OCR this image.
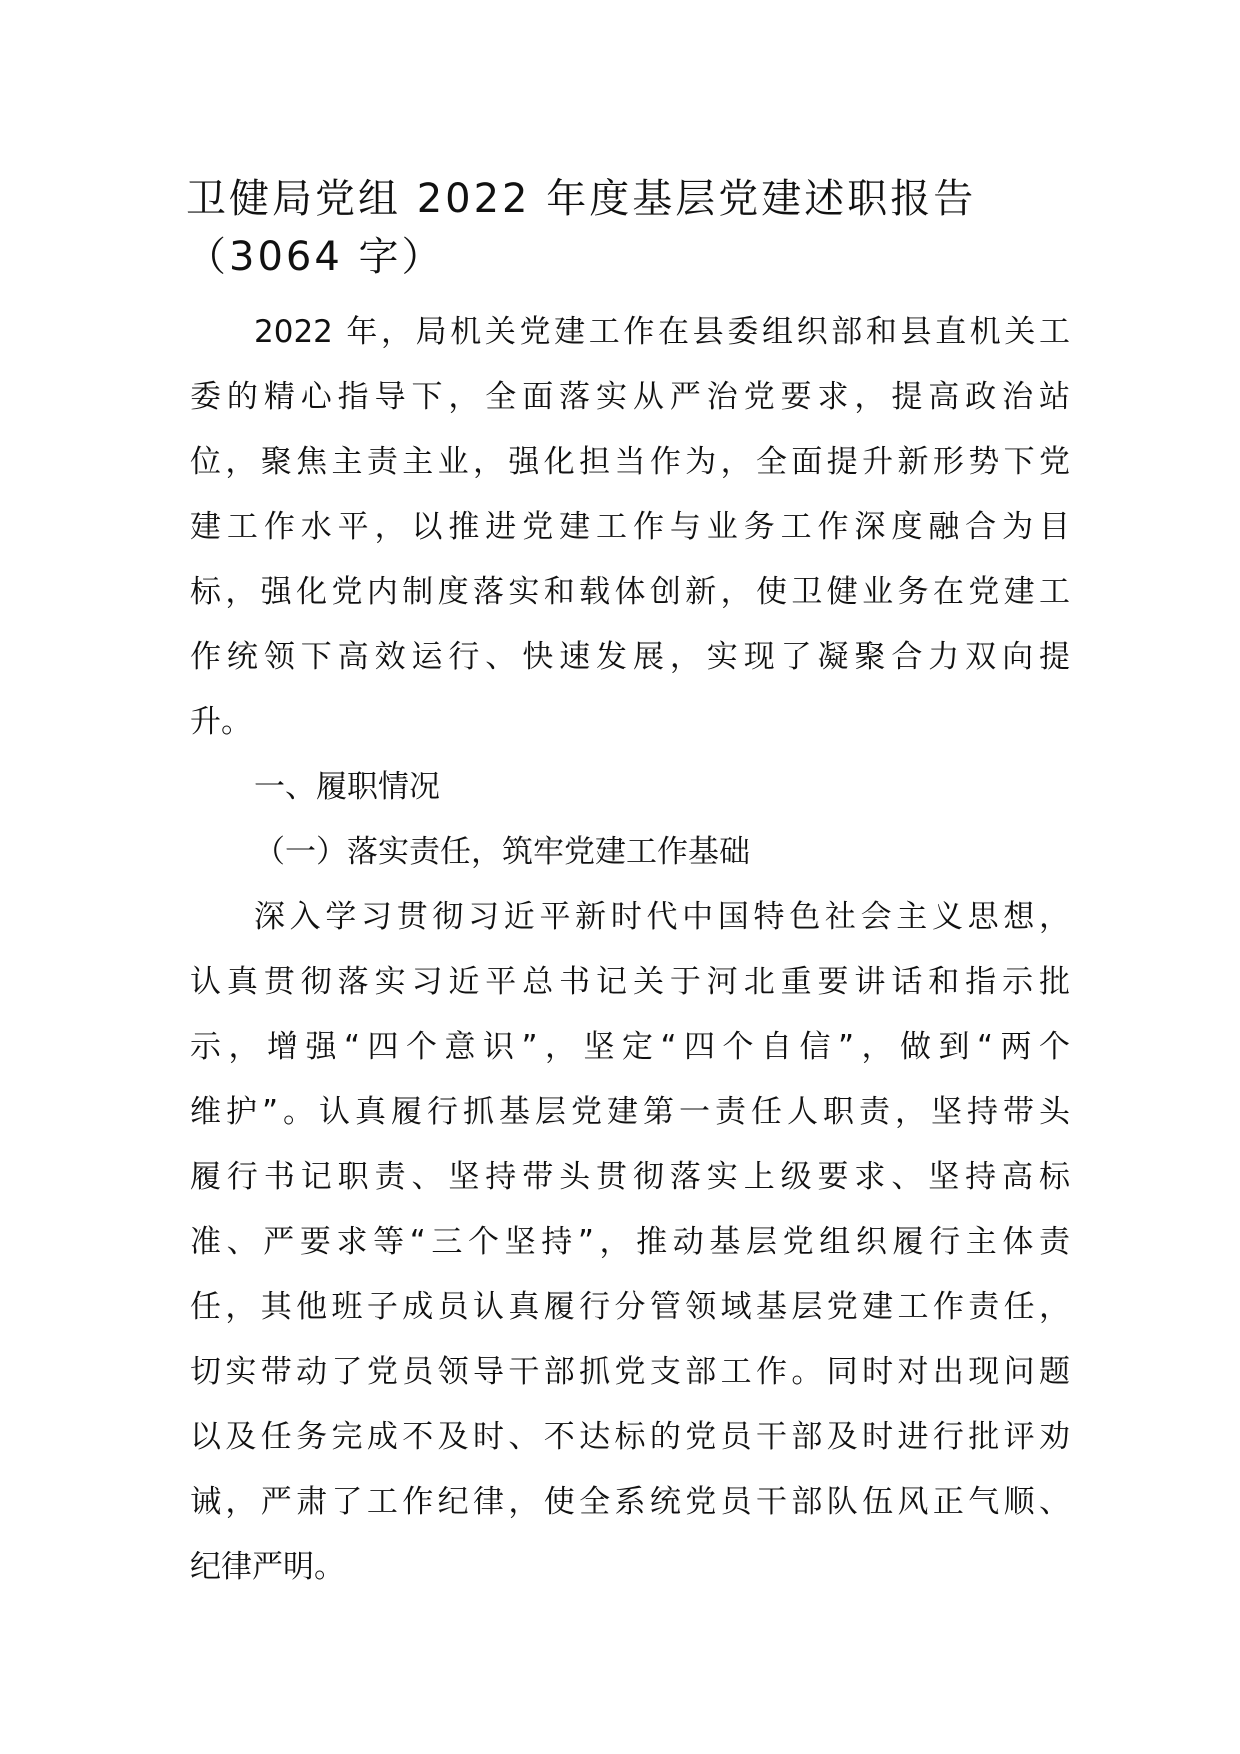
卫健局党组 2022 年度基层党建述职报告
（3064 字）
2022 年，局机关党建工作在县委组织部和县直机关工
委的精心指导下，全面落实从严治党要求，提高政治站
位，聚焦主责主业，强化担当作为，全面提升新形势下党
建工作水平，以推进党建工作与业务工作深度融合为目
标，强化党内制度落实和载体创新，使卫健业务在党建工
作统领下高效运行、快速发展，实现了凝聚合力双向提
升。
一、履职情况
（一）落实责任，筑牢党建工作基础
深入学习贯彻习近平新时代中国特色社会主义思想，
认真贯彻落实习近平总书记关于河北重要讲话和指示批
示，增强“四个意识”，坚定“四个自信”，做到“两个
维护”。认真履行抓基层党建第一责任人职责，坚持带头
履行书记职责、坚持带头贯彻落实上级要求、坚持高标
准、严要求等“三个坚持”，推动基层党组织履行主体责
任，其他班子成员认真履行分管领域基层党建工作责任，
切实带动了党员领导干部抓党支部工作。同时对出现问题
以及任务完成不及时、不达标的党员干部及时进行批评劝
诫，严肃了工作纪律，使全系统党员干部队伍风正气顺、
纪律严明。
